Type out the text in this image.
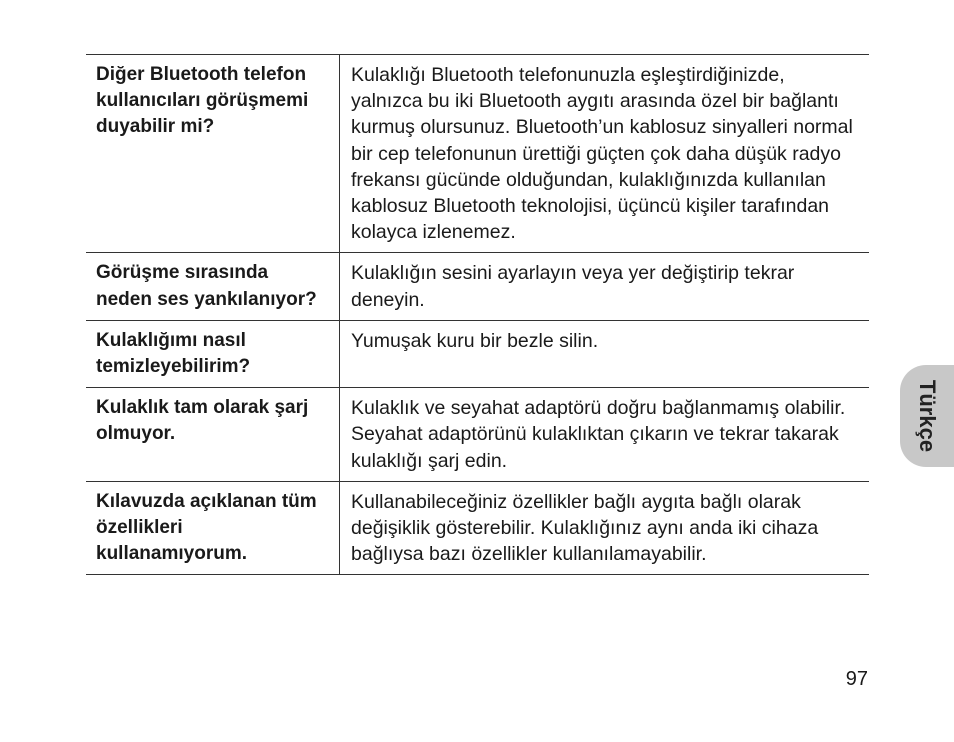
Diğer Bluetooth telefon kullanıcıları görüşmemi duyabilir mi?	Kulaklığı Bluetooth telefonunuzla eşleştirdiğinizde, yalnızca bu iki Bluetooth aygıtı arasında özel bir bağlantı kurmuş olursunuz. Bluetooth’un kablosuz sinyalleri normal bir cep telefonunun ürettiği güçten çok daha düşük radyo frekansı gücünde olduğundan, kulaklığınızda kullanılan kablosuz Bluetooth teknolojisi, üçüncü kişiler tarafından kolayca izlenemez.

Görüşme sırasında neden ses yankılanıyor?	Kulaklığın sesini ayarlayın veya yer değiştirip tekrar deneyin.

Kulaklığımı nasıl temizleyebilirim?	Yumuşak kuru bir bezle silin.

Kulaklık tam olarak şarj olmuyor.	Kulaklık ve seyahat adaptörü doğru bağlanmamış olabilir.
Seyahat adaptörünü kulaklıktan çıkarın ve tekrar takarak kulaklığı şarj edin.

Kılavuzda açıklanan tüm özellikleri kullanamıyorum.	Kullanabileceğiniz özellikler bağlı aygıta bağlı olarak değişiklik gösterebilir. Kulaklığınız aynı anda iki cihaza bağlıysa bazı özellikler kullanılamayabilir.
Türkçe
97
